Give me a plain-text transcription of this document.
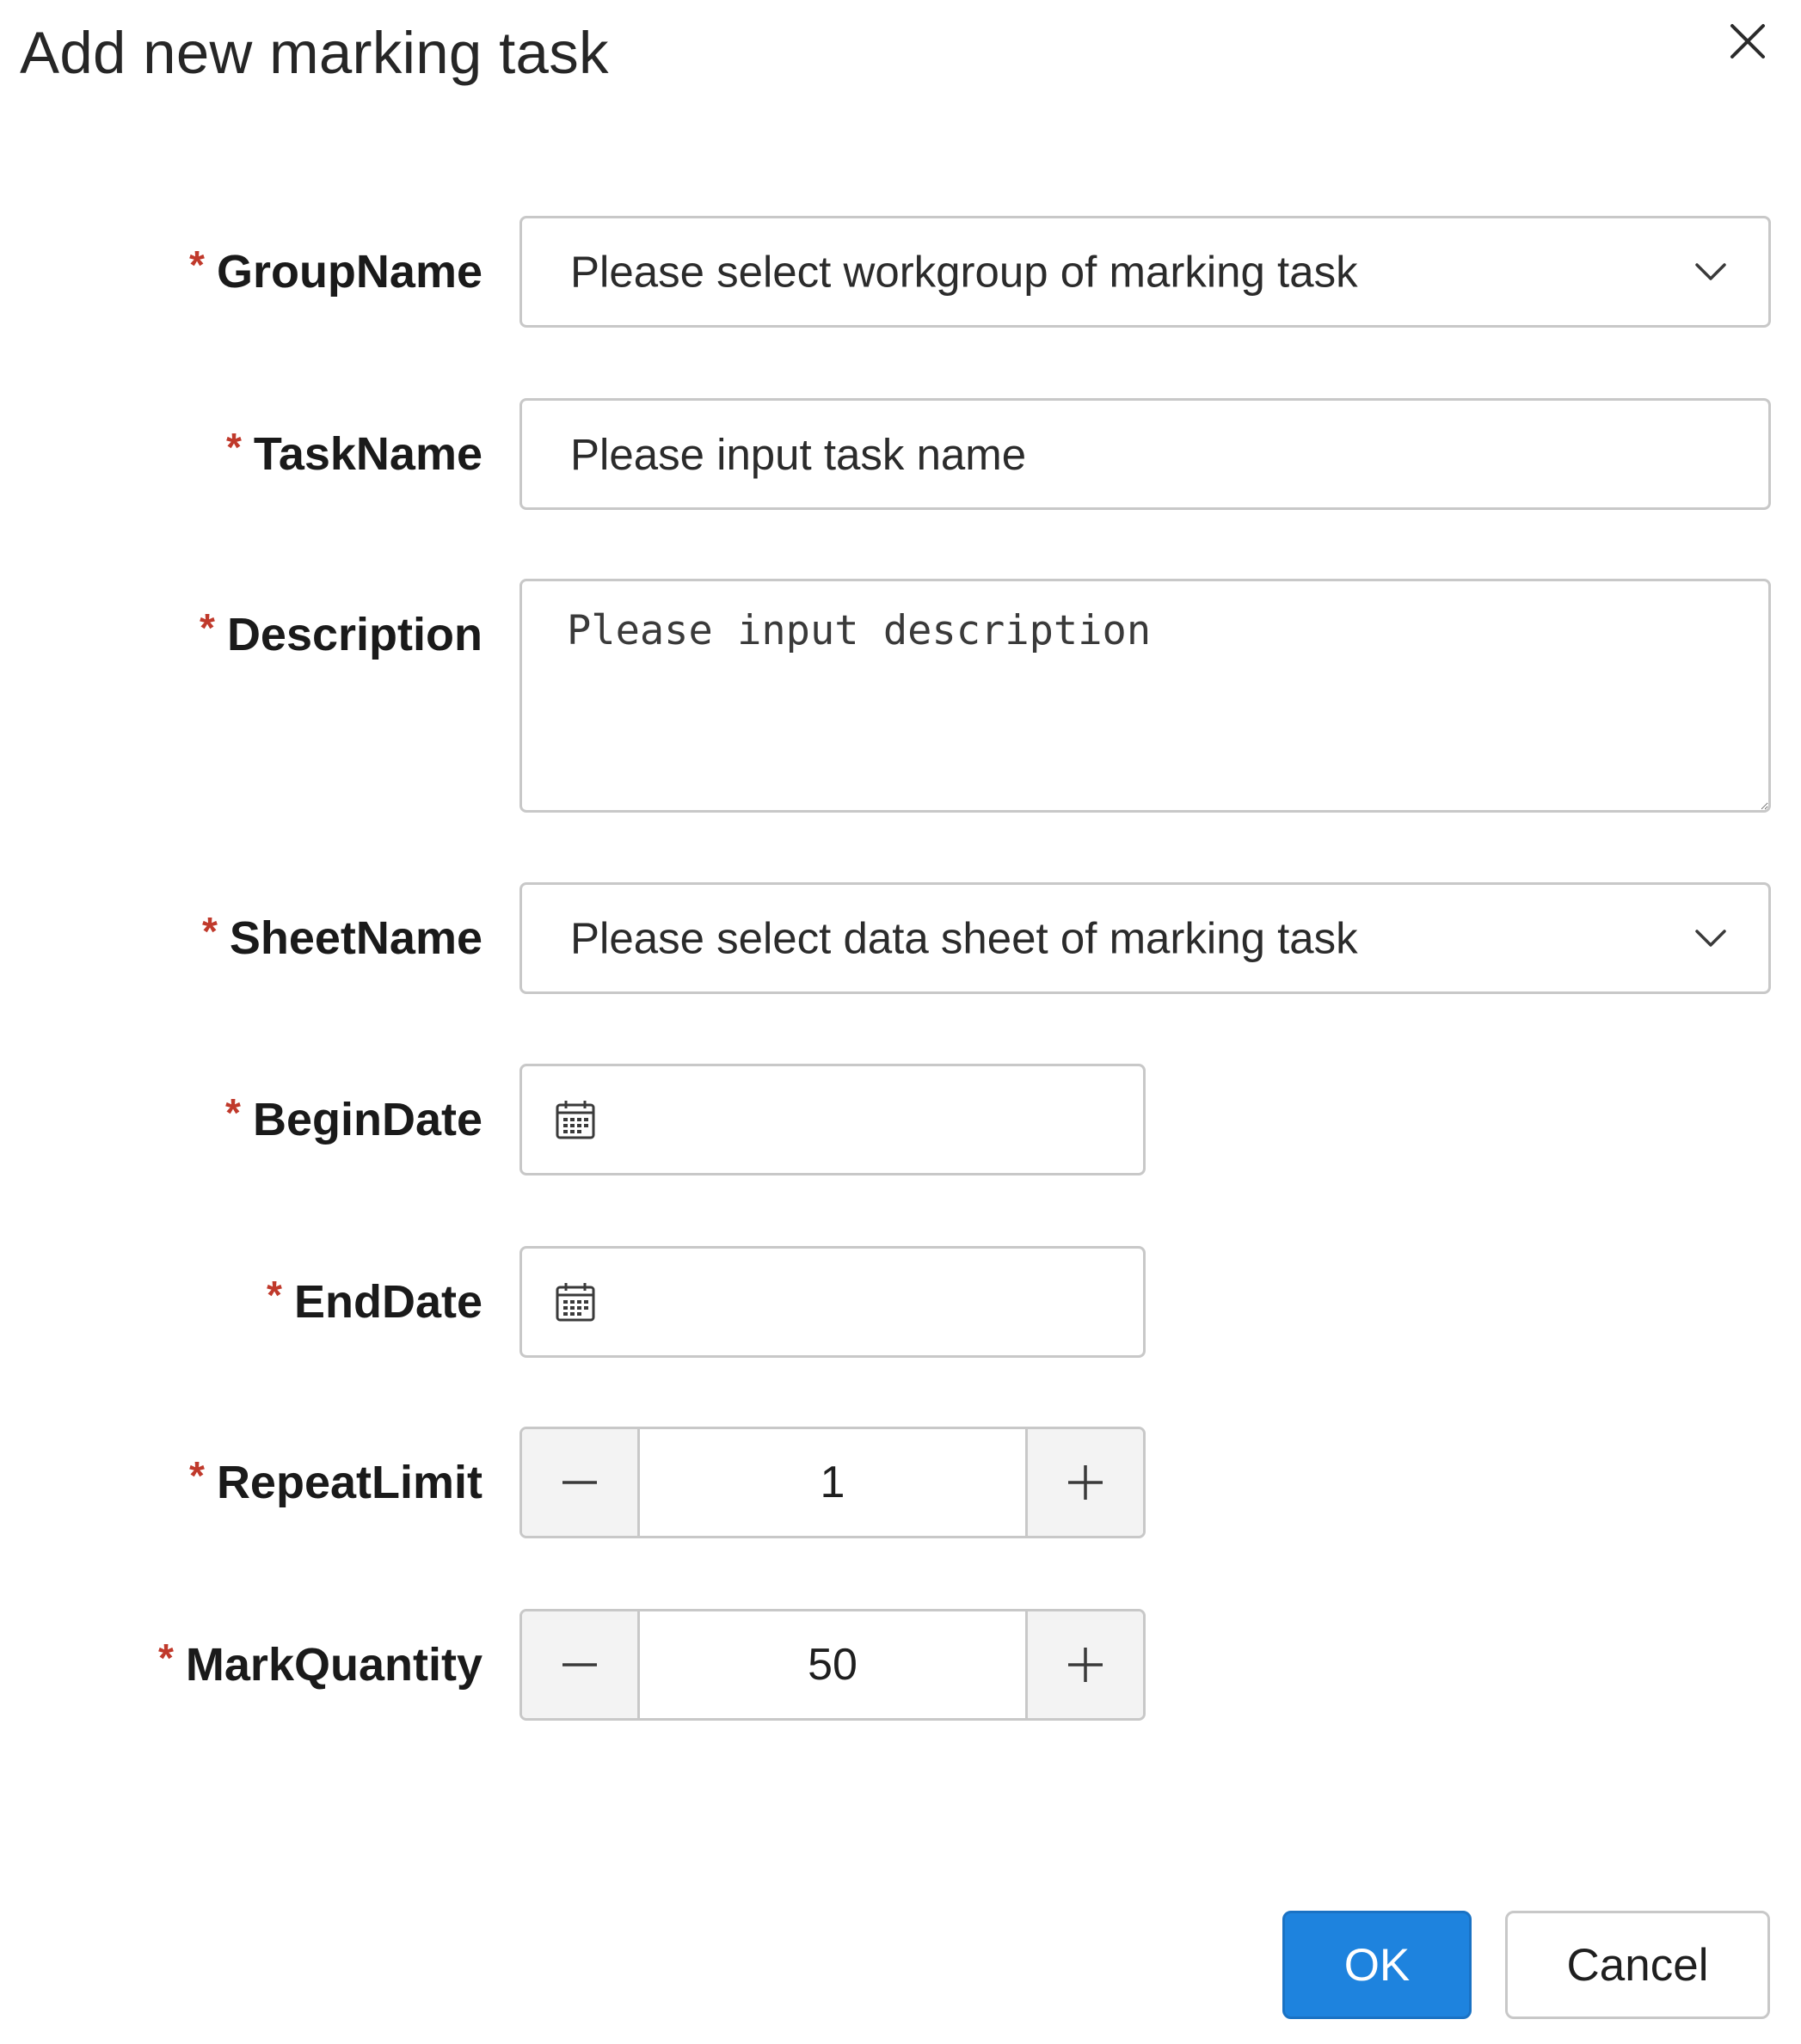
Add new marking task
* GroupName Please select workgroup of marking task
* TaskName
Please input task name
* Description
Please input description
* SheetName Please select data sheet of marking task
* BeginDate
* EndDate
* RepeatLimit	1
* MarkQuantity	50
OK	Cancel
